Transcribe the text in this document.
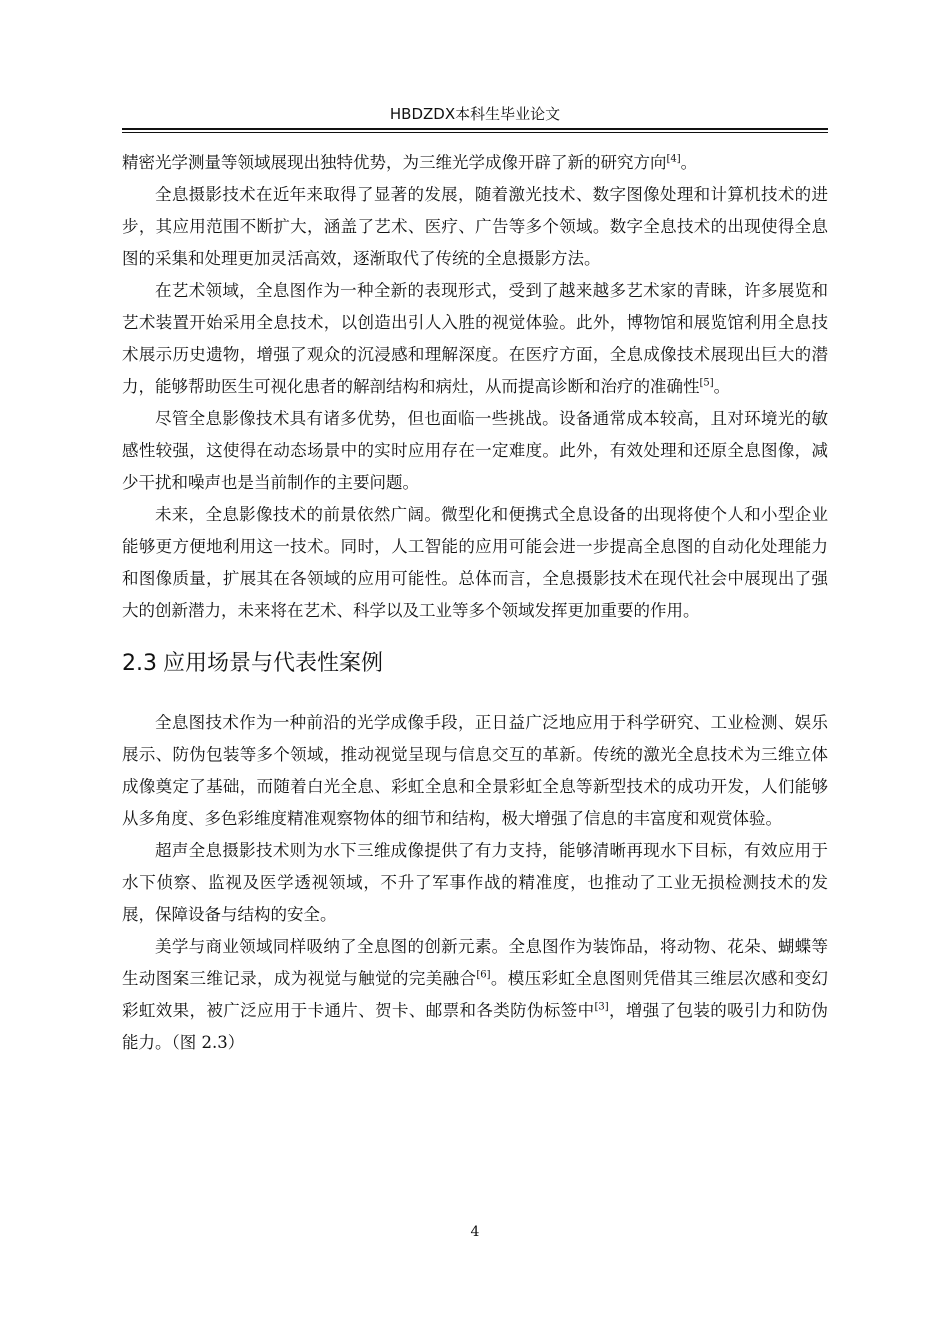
HBDZDX本科生毕业论文

精密光学测量等领域展现出独特优势，为三维光学成像开辟了新的研究方向[4]。

全息摄影技术在近年来取得了显著的发展，随着激光技术、数字图像处理和计算机技术的进步，其应用范围不断扩大，涵盖了艺术、医疗、广告等多个领域。数字全息技术的出现使得全息图的采集和处理更加灵活高效，逐渐取代了传统的全息摄影方法。

在艺术领域，全息图作为一种全新的表现形式，受到了越来越多艺术家的青睐，许多展览和艺术装置开始采用全息技术，以创造出引人入胜的视觉体验。此外，博物馆和展览馆利用全息技术展示历史遗物，增强了观众的沉浸感和理解深度。在医疗方面，全息成像技术展现出巨大的潜力，能够帮助医生可视化患者的解剖结构和病灶，从而提高诊断和治疗的准确性[5]。

尽管全息影像技术具有诸多优势，但也面临一些挑战。设备通常成本较高，且对环境光的敏感性较强，这使得在动态场景中的实时应用存在一定难度。此外，有效处理和还原全息图像，减少干扰和噪声也是当前制作的主要问题。

未来，全息影像技术的前景依然广阔。微型化和便携式全息设备的出现将使个人和小型企业能够更方便地利用这一技术。同时，人工智能的应用可能会进一步提高全息图的自动化处理能力和图像质量，扩展其在各领域的应用可能性。总体而言，全息摄影技术在现代社会中展现出了强大的创新潜力，未来将在艺术、科学以及工业等多个领域发挥更加重要的作用。

2.3 应用场景与代表性案例

全息图技术作为一种前沿的光学成像手段，正日益广泛地应用于科学研究、工业检测、娱乐展示、防伪包装等多个领域，推动视觉呈现与信息交互的革新。传统的激光全息技术为三维立体成像奠定了基础，而随着白光全息、彩虹全息和全景彩虹全息等新型技术的成功开发，人们能够从多角度、多色彩维度精准观察物体的细节和结构，极大增强了信息的丰富度和观赏体验。

超声全息摄影技术则为水下三维成像提供了有力支持，能够清晰再现水下目标，有效应用于水下侦察、监视及医学透视领域，不升了军事作战的精准度，也推动了工业无损检测技术的发展，保障设备与结构的安全。

美学与商业领域同样吸纳了全息图的创新元素。全息图作为装饰品，将动物、花朵、蝴蝶等生动图案三维记录，成为视觉与触觉的完美融合[6]。模压彩虹全息图则凭借其三维层次感和变幻彩虹效果，被广泛应用于卡通片、贺卡、邮票和各类防伪标签中[3]，增强了包装的吸引力和防伪能力。（图 2.3）

4
